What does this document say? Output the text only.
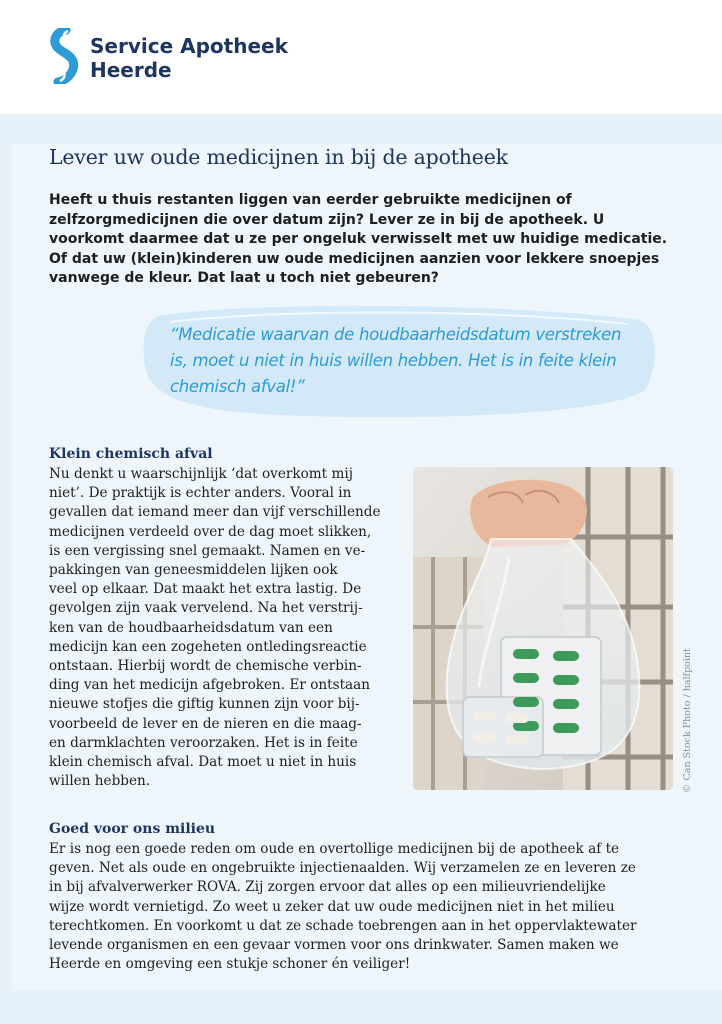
Service Apotheek
Heerde
Lever uw oude medicijnen in bij de apotheek

Heeft u thuis restanten liggen van eerder gebruikte medicijnen of zelfzorgmedicijnen die over datum zijn? Lever ze in bij de apotheek. U voorkomt daarmee dat u ze per ongeluk verwisselt met uw huidige medicatie. Of dat uw (klein)kinderen uw oude medicijnen aanzien voor lekkere snoepjes vanwege de kleur. Dat laat u toch niet gebeuren?

“Medicatie waarvan de houdbaarheidsdatum verstreken
is, moet u niet in huis willen hebben. Het is in feite klein
chemisch afval!”
Klein chemisch afval
Nu denkt u waarschijnlijk ‘dat overkomt mij
niet’. De praktijk is echter anders. Vooral in
gevallen dat iemand meer dan vijf verschillende
medicijnen verdeeld over de dag moet slikken,
is een vergissing snel gemaakt. Namen en ve-
pakkingen van geneesmiddelen lijken ook
veel op elkaar. Dat maakt het extra lastig. De
gevolgen zijn vaak vervelend. Na het verstrij-
ken van de houdbaarheidsdatum van een
medicijn kan een zogeheten ontledingsreactie
ontstaan. Hierbij wordt de chemische verbin-
ding van het medicijn afgebroken. Er ontstaan
nieuwe stofjes die giftig kunnen zijn voor bij-
voorbeeld de lever en de nieren en die maag-
en darmklachten veroorzaken. Het is in feite
klein chemisch afval. Dat moet u niet in huis
willen hebben.	© Can Stock Photo / halfpoint
Goed voor ons milieu
Er is nog een goede reden om oude en overtollige medicijnen bij de apotheek af te
geven. Net als oude en ongebruikte injectienaalden. Wij verzamelen ze en leveren ze
in bij afvalverwerker ROVA. Zij zorgen ervoor dat alles op een milieuvriendelijke
wijze wordt vernietigd. Zo weet u zeker dat uw oude medicijnen niet in het milieu
terechtkomen. En voorkomt u dat ze schade toebrengen aan in het oppervlaktewater
levende organismen en een gevaar vormen voor ons drinkwater. Samen maken we
Heerde en omgeving een stukje schoner én veiliger!
